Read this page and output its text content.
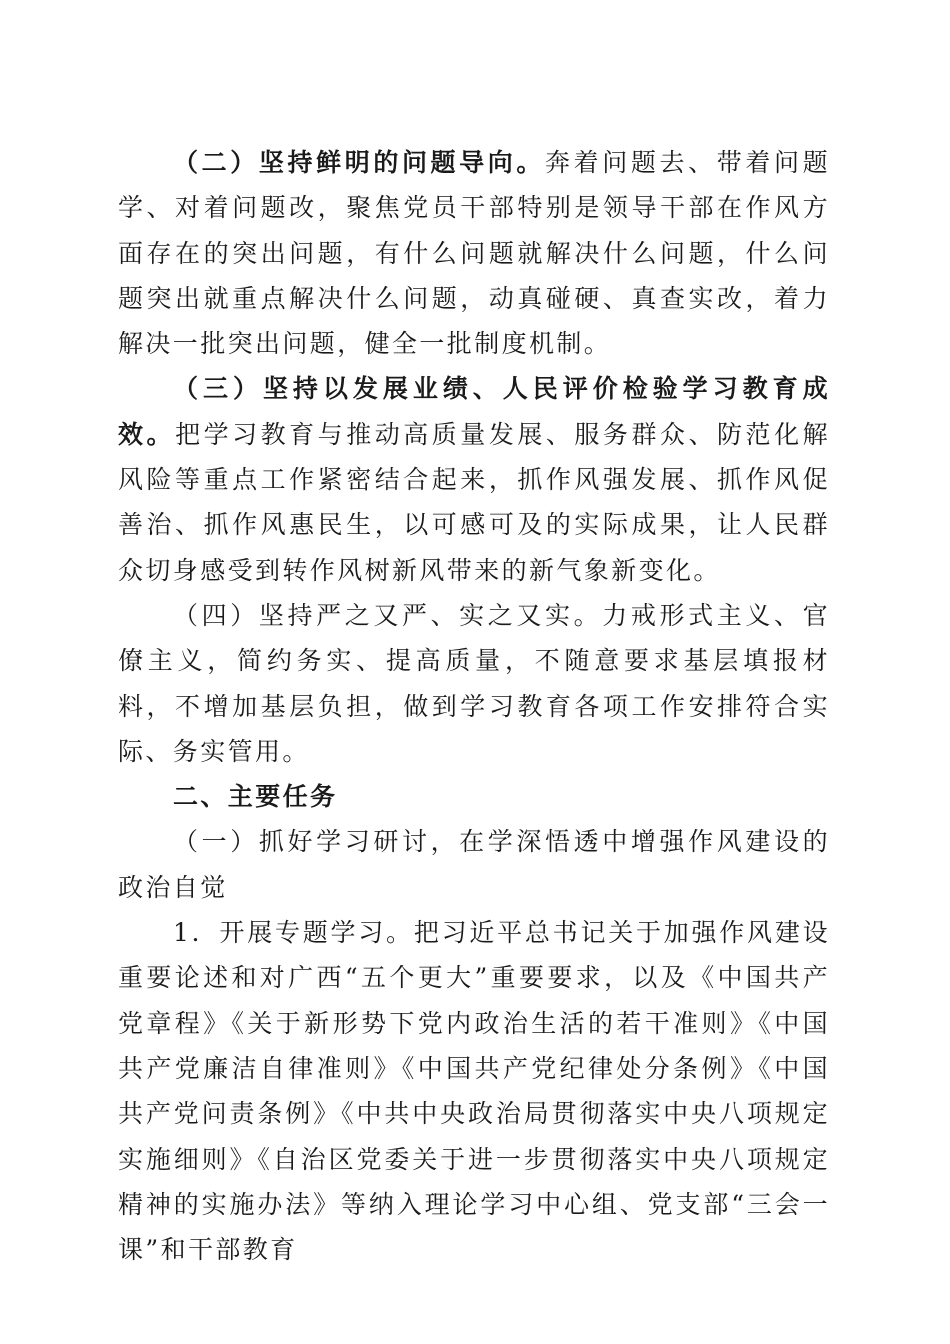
（二）坚持鲜明的问题导向。奔着问题去、带着问题学、对着问题改，聚焦党员干部特别是领导干部在作风方面存在的突出问题，有什么问题就解决什么问题，什么问题突出就重点解决什么问题，动真碰硬、真查实改，着力解决一批突出问题，健全一批制度机制。

（三）坚持以发展业绩、人民评价检验学习教育成效。把学习教育与推动高质量发展、服务群众、防范化解风险等重点工作紧密结合起来，抓作风强发展、抓作风促善治、抓作风惠民生，以可感可及的实际成果，让人民群众切身感受到转作风树新风带来的新气象新变化。

（四）坚持严之又严、实之又实。力戒形式主义、官僚主义，简约务实、提高质量，不随意要求基层填报材料，不增加基层负担，做到学习教育各项工作安排符合实际、务实管用。

二、主要任务

（一）抓好学习研讨，在学深悟透中增强作风建设的政治自觉

1．开展专题学习。把习近平总书记关于加强作风建设重要论述和对广西“五个更大”重要要求，以及《中国共产党章程》《关于新形势下党内政治生活的若干准则》《中国共产党廉洁自律准则》《中国共产党纪律处分条例》《中国共产党问责条例》《中共中央政治局贯彻落实中央八项规定实施细则》《自治区党委关于进一步贯彻落实中央八项规定精神的实施办法》等纳入理论学习中心组、党支部“三会一课”和干部教育
